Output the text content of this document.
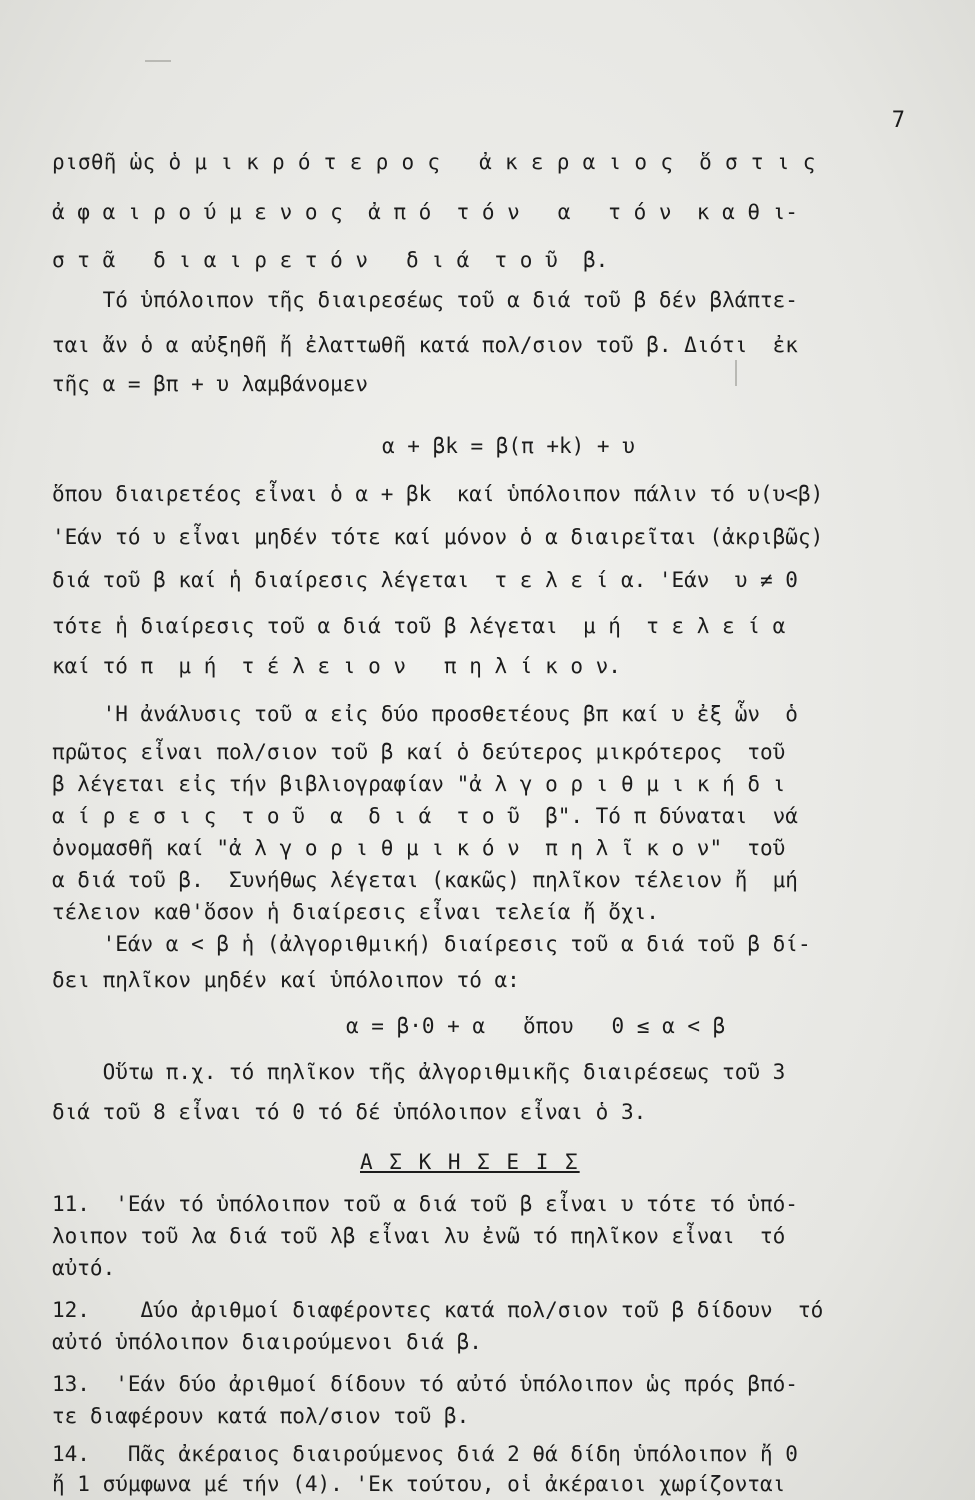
7
ρισθῆ ὡς ὁ μ ι κ ρ ό τ ε ρ ο ς   ἀ κ ε ρ α ι ο ς  ὅ σ τ ι ς
ἀ φ α ι ρ ο ύ μ ε ν ο ς  ἀ π ό  τ ό ν   α   τ ό ν  κ α θ ι-
σ τ ᾶ   δ ι α ι ρ ε τ ό ν   δ ι ά  τ ο ῦ  β.
Τό ὑπόλοιπον τῆς διαιρεσέως τοῦ α διά τοῦ β δέν βλάπτε-
ται ἄν ὁ α αὐξηθῆ ἤ ἐλαττωθῆ κατά πολ/σιον τοῦ β. Διότι  ἐκ
τῆς α = βπ + υ λαμβάνομεν
α + βk = β(π +k) + υ
ὅπου διαιρετέος εἶναι ὁ α + βk  καί ὑπόλοιπον πάλιν τό υ(υ<β)
'Εάν τό υ εἶναι μηδέν τότε καί μόνον ὁ α διαιρεῖται (ἀκριβῶς)
διά τοῦ β καί ἡ διαίρεσις λέγεται  τ ε λ ε ί α. 'Εάν  υ ≠ 0
τότε ἡ διαίρεσις τοῦ α διά τοῦ β λέγεται  μ ή  τ ε λ ε ί α
καί τό π  μ ή  τ έ λ ε ι ο ν   π η λ ί κ ο ν.
'Η ἀνάλυσις τοῦ α εἰς δύο προσθετέους βπ καί υ ἐξ ὧν  ὁ
πρῶτος εἶναι πολ/σιον τοῦ β καί ὁ δεύτερος μικρότερος  τοῦ
β λέγεται εἰς τήν βιβλιογραφίαν "ἀ λ γ ο ρ ι θ μ ι κ ή δ ι
α ί ρ ε σ ι ς  τ ο ῦ  α  δ ι ά  τ ο ῦ  β". Τό π δύναται  νά
ὀνομασθῆ καί "ἀ λ γ ο ρ ι θ μ ι κ ό ν  π η λ ῖ κ ο ν"  τοῦ
α διά τοῦ β.  Συνήθως λέγεται (κακῶς) πηλῖκον τέλειον ἤ  μή
τέλειον καθ'ὅσον ἡ διαίρεσις εἶναι τελεία ἤ ὄχι.
'Εάν α < β ἡ (ἀλγοριθμική) διαίρεσις τοῦ α διά τοῦ β δί-
δει πηλῖκον μηδέν καί ὑπόλοιπον τό α:
α = β·0 + α   ὅπου   0 ≤ α < β
Οὕτω π.χ. τό πηλῖκον τῆς ἀλγοριθμικῆς διαιρέσεως τοῦ 3
διά τοῦ 8 εἶναι τό 0 τό δέ ὑπόλοιπον εἶναι ὁ 3.
Α Σ Κ Η Σ Ε Ι Σ
11.  'Εάν τό ὑπόλοιπον τοῦ α διά τοῦ β εἶναι υ τότε τό ὑπό-
λοιπον τοῦ λα διά τοῦ λβ εἶναι λυ ἐνῶ τό πηλῖκον εἶναι  τό
αὐτό.
12.    Δύο ἀριθμοί διαφέροντες κατά πολ/σιον τοῦ β δίδουν  τό
αὐτό ὑπόλοιπον διαιρούμενοι διά β.
13.  'Εάν δύο ἀριθμοί δίδουν τό αὐτό ὑπόλοιπον ὡς πρός βπό-
τε διαφέρουν κατά πολ/σιον τοῦ β.
14.   Πᾶς ἀκέραιος διαιρούμενος διά 2 θά δίδη ὑπόλοιπον ἤ 0
ἤ 1 σύμφωνα μέ τήν (4). 'Εκ τούτου, οἱ ἀκέραιοι χωρίζονται
